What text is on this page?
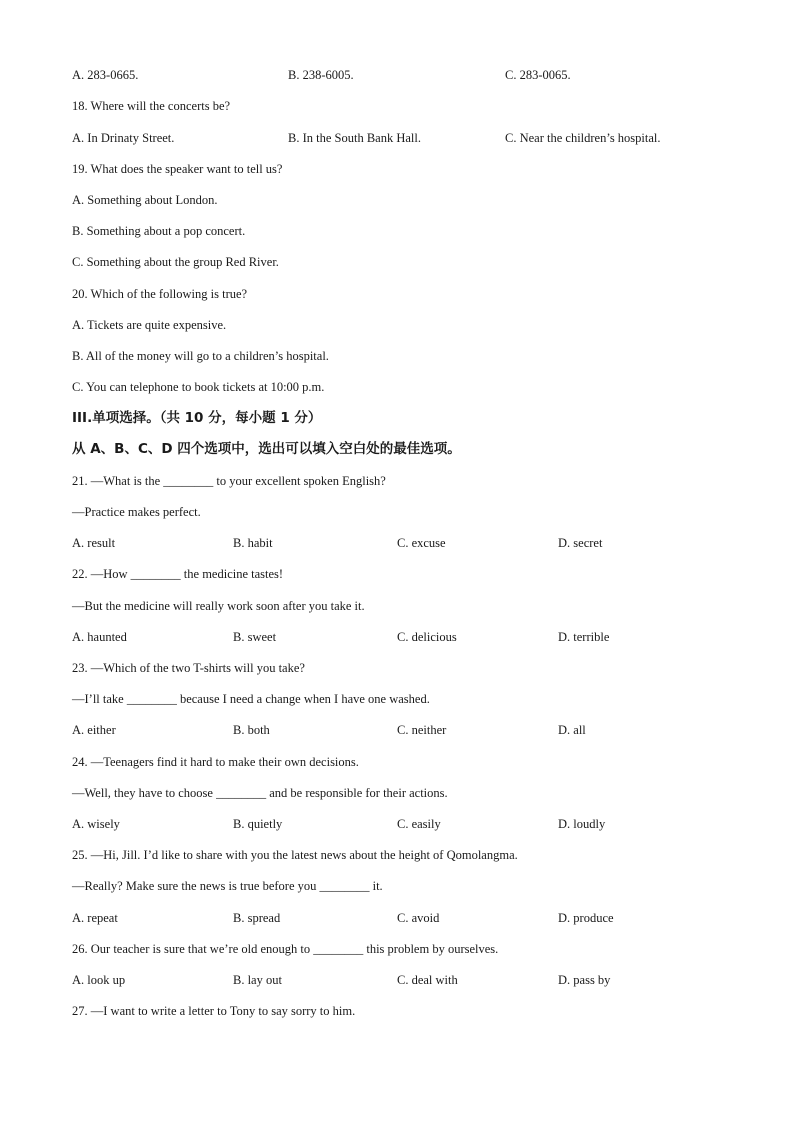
A. 283-0665.	B. 238-6005.	C. 283-0065.
18. Where will the concerts be?
A. In Drinaty Street.	B. In the South Bank Hall.	C. Near the children’s hospital.
19. What does the speaker want to tell us?
A. Something about London.
B. Something about a pop concert.
C. Something about the group Red River.
20. Which of the following is true?
A. Tickets are quite expensive.
B. All of the money will go to a children’s hospital.
C. You can telephone to book tickets at 10:00 p.m.
III.单项选择。（共 10 分，每小题 1 分）
从 A、B、C、D 四个选项中，选出可以填入空白处的最佳选项。
21. —What is the ________ to your excellent spoken English?
—Practice makes perfect.
A. result	B. habit	C. excuse	D. secret
22. —How ________ the medicine tastes!
—But the medicine will really work soon after you take it.
A. haunted	B. sweet	C. delicious	D. terrible
23. —Which of the two T-shirts will you take?
—I’ll take ________ because I need a change when I have one washed.
A. either	B. both	C. neither	D. all
24. —Teenagers find it hard to make their own decisions.
—Well, they have to choose ________ and be responsible for their actions.
A. wisely	B. quietly	C. easily	D. loudly
25. —Hi, Jill. I’d like to share with you the latest news about the height of Qomolangma.
—Really? Make sure the news is true before you ________ it.
A. repeat	B. spread	C. avoid	D. produce
26. Our teacher is sure that we’re old enough to ________ this problem by ourselves.
A. look up	B. lay out	C. deal with	D. pass by
27. —I want to write a letter to Tony to say sorry to him.
